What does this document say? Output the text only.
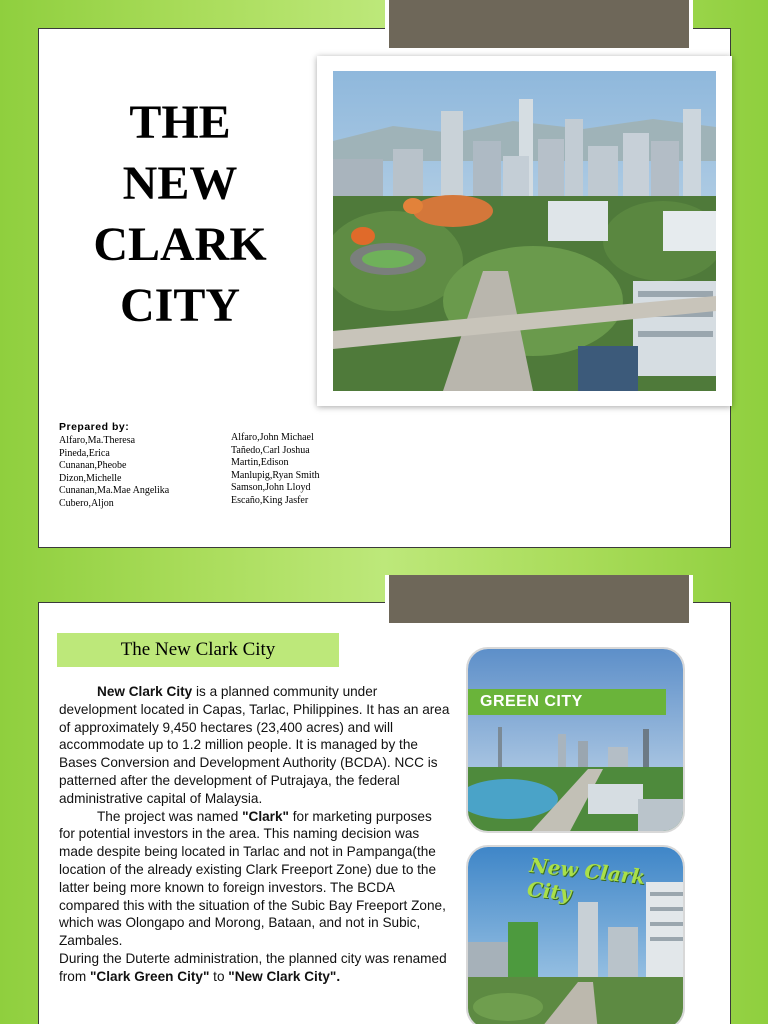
THE
NEW
CLARK
CITY
Prepared by:
Alfaro,Ma.Theresa
Pineda,Erica
Cunanan,Pheobe
Dizon,Michelle
Cunanan,Ma.Mae Angelika
Cubero,Aljon
Alfaro,John Michael
Tañedo,Carl Joshua
Martin,Edison
Manlupig,Ryan Smith
Samson,John Lloyd
Escaño,King Jasfer
The New Clark City

New Clark City is a planned community under development located in Capas, Tarlac, Philippines. It has an area of approximately 9,450 hectares (23,400 acres) and will accommodate up to 1.2 million people. It is managed by the Bases Conversion and Development Authority (BCDA). NCC is patterned after the development of Putrajaya, the federal administrative capital of Malaysia.

The project was named "Clark" for marketing purposes for potential investors in the area. This naming decision was made despite being located in Tarlac and not in Pampanga(the location of the already existing Clark Freeport Zone) due to the latter being more known to foreign investors. The BCDA compared this with the situation of the Subic Bay Freeport Zone, which was Olongapo and Morong, Bataan, and not in Subic, Zambales.

During the Duterte administration, the planned city was renamed from "Clark Green City" to "New Clark City".

GREEN CITY
New Clark City
